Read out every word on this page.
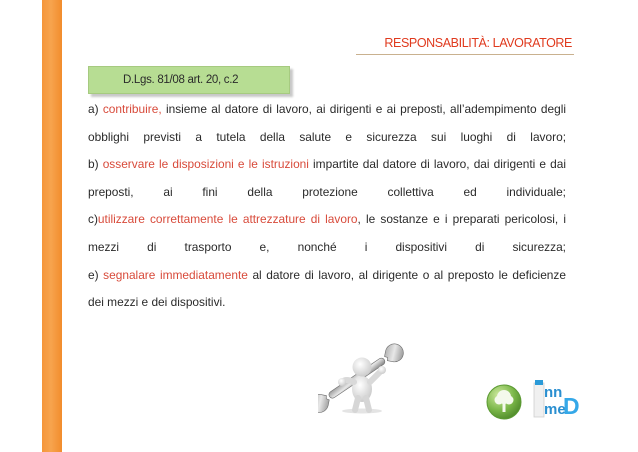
RESPONSABILITÀ: LAVORATORE
D.Lgs. 81/08 art. 20, c.2

a) contribuire, insieme al datore di lavoro, ai dirigenti e ai preposti, all’adempimento degli obblighi previsti a tutela della salute e sicurezza sui luoghi di lavoro;

b) osservare le disposizioni e le istruzioni impartite dal datore di lavoro, dai dirigenti e dai preposti, ai fini della protezione collettiva ed individuale;

c)utilizzare correttamente le attrezzature di lavoro, le sostanze e i preparati pericolosi, i mezzi di trasporto e, nonché i dispositivi di sicurezza;

e) segnalare immediatamente al datore di lavoro, al dirigente o al preposto le deficienze dei mezzi e dei dispositivi.

nn
me
D
